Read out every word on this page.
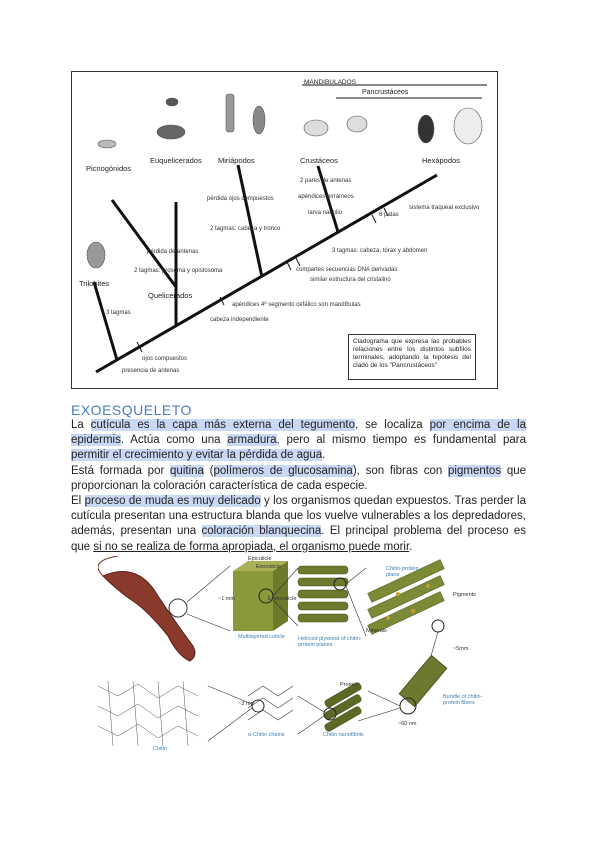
MANDIBULADOS
Pancrustáceos
Picnogónidos
Euquelicerados Miriápodos	Crustáceos	Hexápodos
Trilobites
Quelicerados
pérdida ojos compuestos
2 tagmas: cabeza y tronco
2 pares de antenas
apéndices birrámeos
larva nauplio	6 patas
sistema traqueal exclusivo
3 tagmas: cabeza, tórax y abdomen
compartes secuencias DNA derivadas
similar estructura del cristalino
apéndices 4º segmento cefálico son mandíbulas
cabeza independiente
pérdida de antenas
2 tagmas: prosoma y opistosoma
3 tagmas
ojos compuestos
presencia de antenas
Cladograma que expresa las probables relaciones entre los distintos subfilos terminales, adoptando la hipótesis del clado de los "Pancrustáceos"
EXOESQUELETO

La cutícula es la capa más externa del tegumento, se localiza por encima de la epidermis. Actúa como una armadura, pero al mismo tiempo es fundamental para permitir el crecimiento y evitar la pérdida de agua.

Está formada por quitina (polímeros de glucosamina), son fibras con pigmentos que proporcionan la coloración característica de cada especie.

El proceso de muda es muy delicado y los organismos quedan expuestos. Tras perder la cutícula presentan una estructura blanda que los vuelve vulnerables a los depredadores, además, presentan una coloración blanquecina. El principal problema del proceso es que si no se realiza de forma apropiada, el organismo puede morir.

Epicuticle
Exocuticle
Endocuticle
~1 mm
Multilayered cuticle Helicoid plywood of chitin-protein planes
Chitin-protein plane
Pigments
Minerals
~5mm
Protein
Bundle of chitin-protein fibers
~60 nm
~3 nm
α-Chitin chains	Chitin nanofibrils
Chitin
